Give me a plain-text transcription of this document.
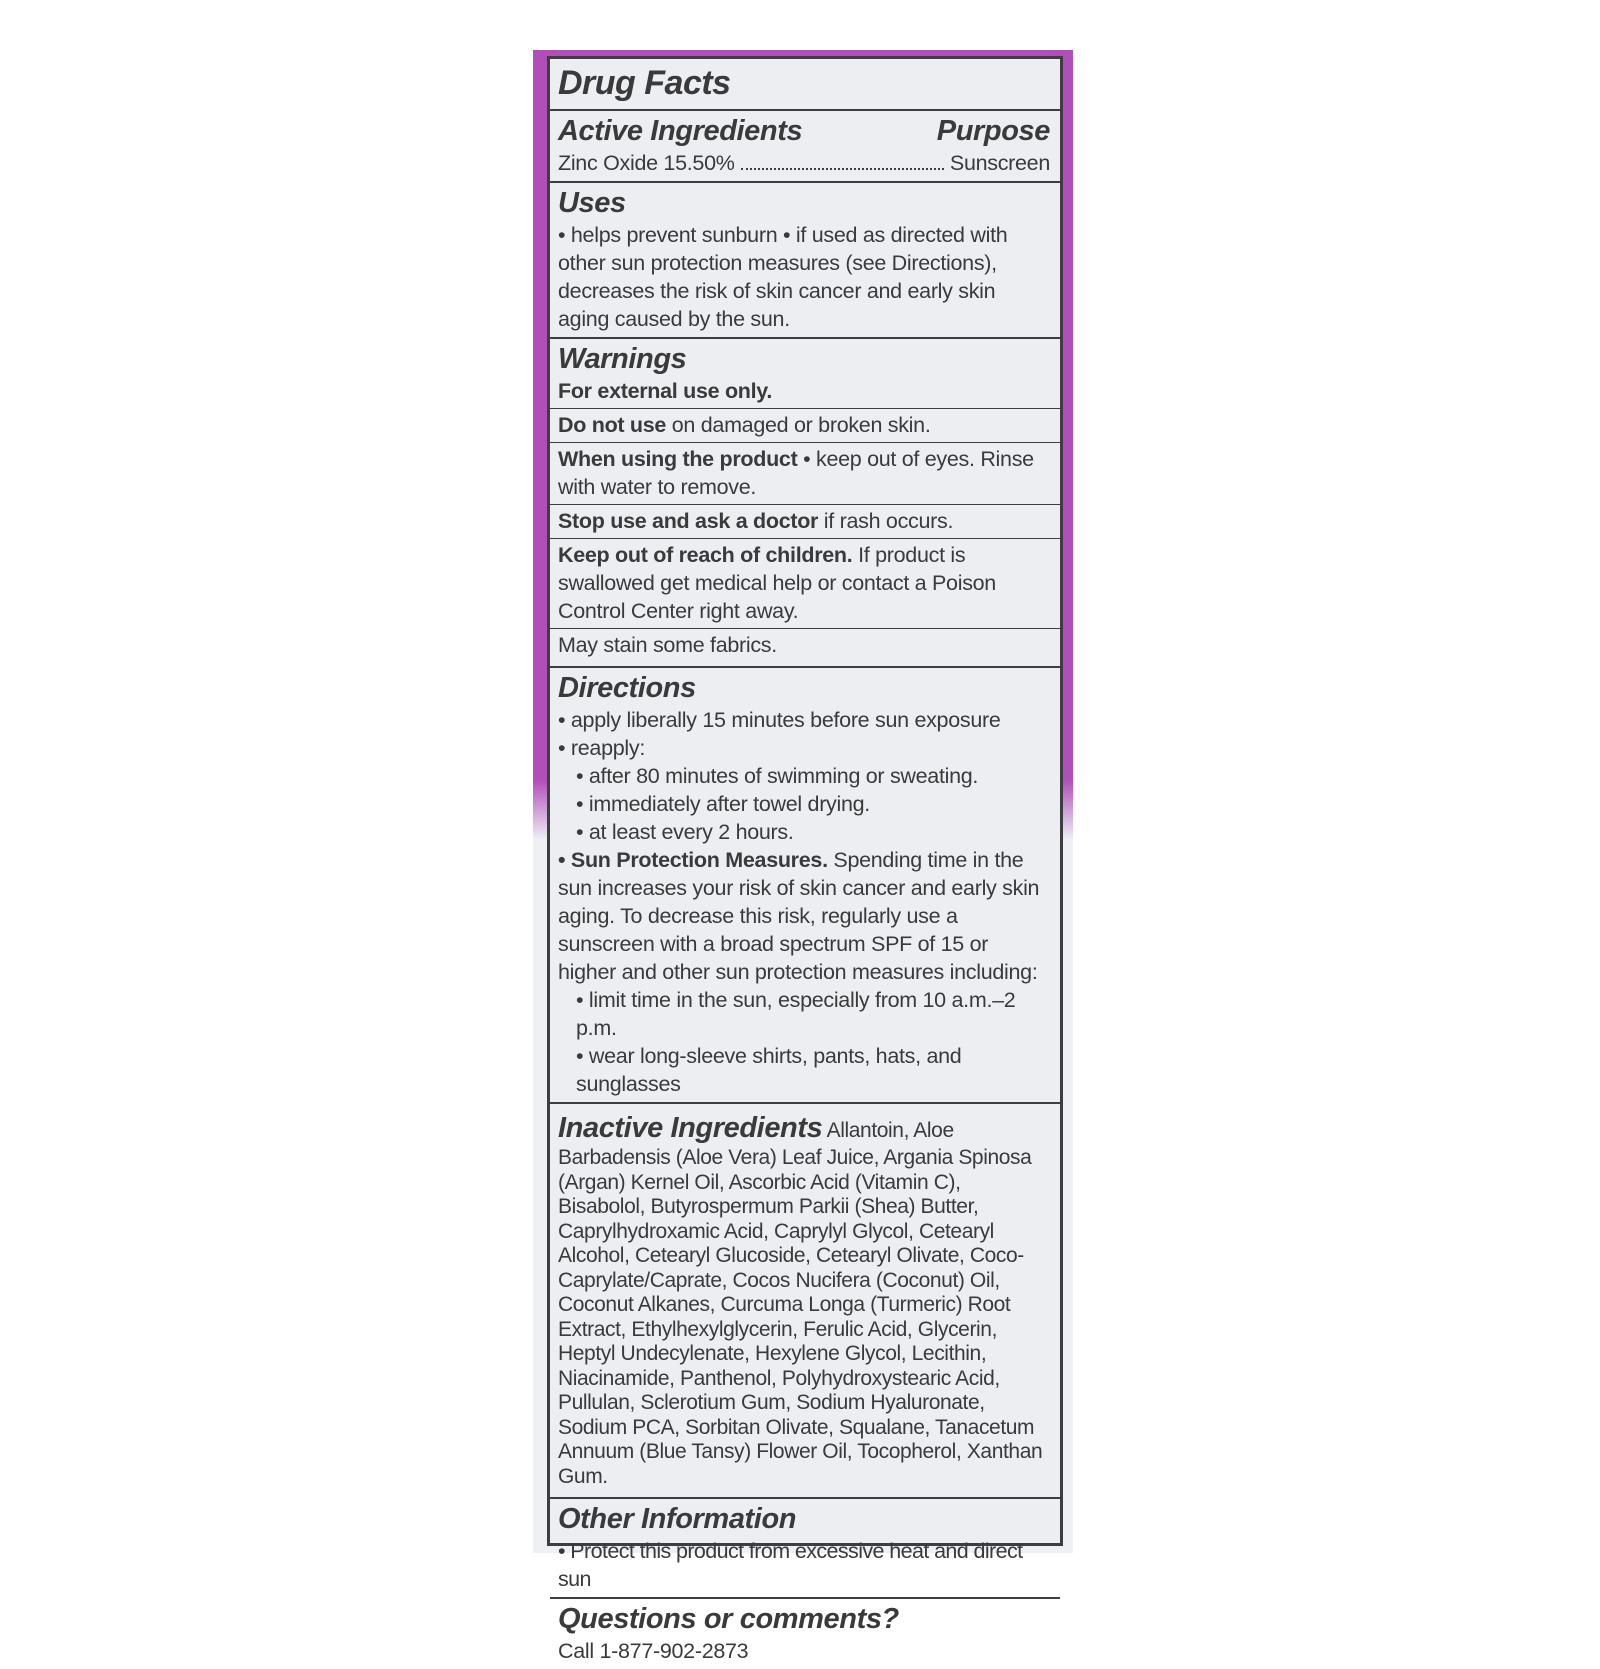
Drug Facts
Active Ingredients	Purpose
Zinc Oxide 15.50%	Sunscreen
Uses
• helps prevent sunburn • if used as directed with other sun protection measures (see Directions), decreases the risk of skin cancer and early skin aging caused by the sun.
Warnings
For external use only.
Do not use on damaged or broken skin.
When using the product • keep out of eyes. Rinse with water to remove.
Stop use and ask a doctor if rash occurs.
Keep out of reach of children. If product is swallowed get medical help or contact a Poison Control Center right away.
May stain some fabrics.
Directions
• apply liberally 15 minutes before sun exposure
• reapply:
• after 80 minutes of swimming or sweating.
• immediately after towel drying.
• at least every 2 hours.
• Sun Protection Measures. Spending time in the sun increases your risk of skin cancer and early skin aging. To decrease this risk, regularly use a sunscreen with a broad spectrum SPF of 15 or higher and other sun protection measures including:
• limit time in the sun, especially from 10 a.m.–2 p.m.
• wear long-sleeve shirts, pants, hats, and sunglasses
Inactive Ingredients Allantoin, Aloe Barbadensis (Aloe Vera) Leaf Juice, Argania Spinosa (Argan) Kernel Oil, Ascorbic Acid (Vitamin C), Bisabolol, Butyrospermum Parkii (Shea) Butter, Caprylhydroxamic Acid, Caprylyl Glycol, Cetearyl Alcohol, Cetearyl Glucoside, Cetearyl Olivate, Coco-Caprylate/Caprate, Cocos Nucifera (Coconut) Oil, Coconut Alkanes, Curcuma Longa (Turmeric) Root Extract, Ethylhexylglycerin, Ferulic Acid, Glycerin, Heptyl Undecylenate, Hexylene Glycol, Lecithin, Niacinamide, Panthenol, Polyhydroxystearic Acid, Pullulan, Sclerotium Gum, Sodium Hyaluronate, Sodium PCA, Sorbitan Olivate, Squalane, Tanacetum Annuum (Blue Tansy) Flower Oil, Tocopherol, Xanthan Gum.
Other Information
• Protect this product from excessive heat and direct sun
Questions or comments?
Call 1-877-902-2873
